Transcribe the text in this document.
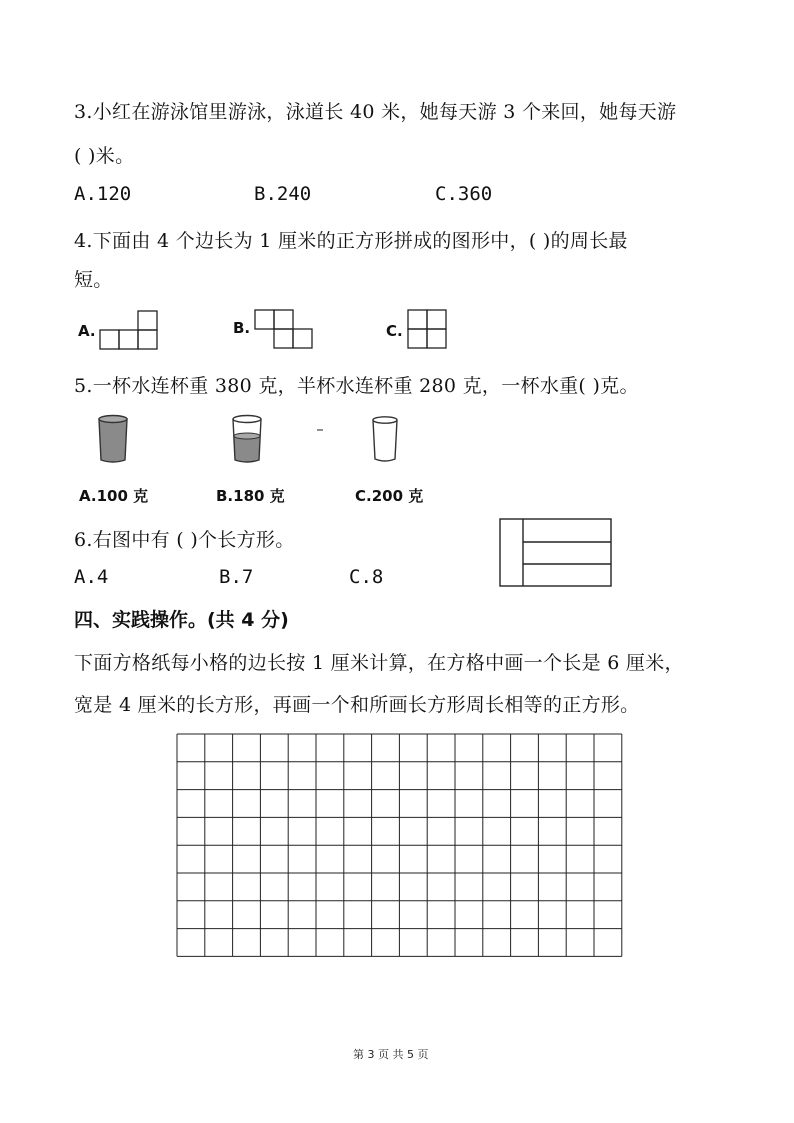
3.小红在游泳馆里游泳，泳道长 40 米，她每天游 3 个来回，她每天游
( )米。
A.120	B.240	C.360
4.下面由 4 个边长为 1 厘米的正方形拼成的图形中，( )的周长最
短。
A.	B.	C.
5.一杯水连杯重 380 克，半杯水连杯重 280 克，一杯水重( )克。
A.100 克	B.180 克	C.200 克
6.右图中有 ( )个长方形。
A.4	B.7	C.8
四、实践操作。(共 4 分)
下面方格纸每小格的边长按 1 厘米计算，在方格中画一个长是 6 厘米，
宽是 4 厘米的长方形，再画一个和所画长方形周长相等的正方形。
第 3 页 共 5 页
